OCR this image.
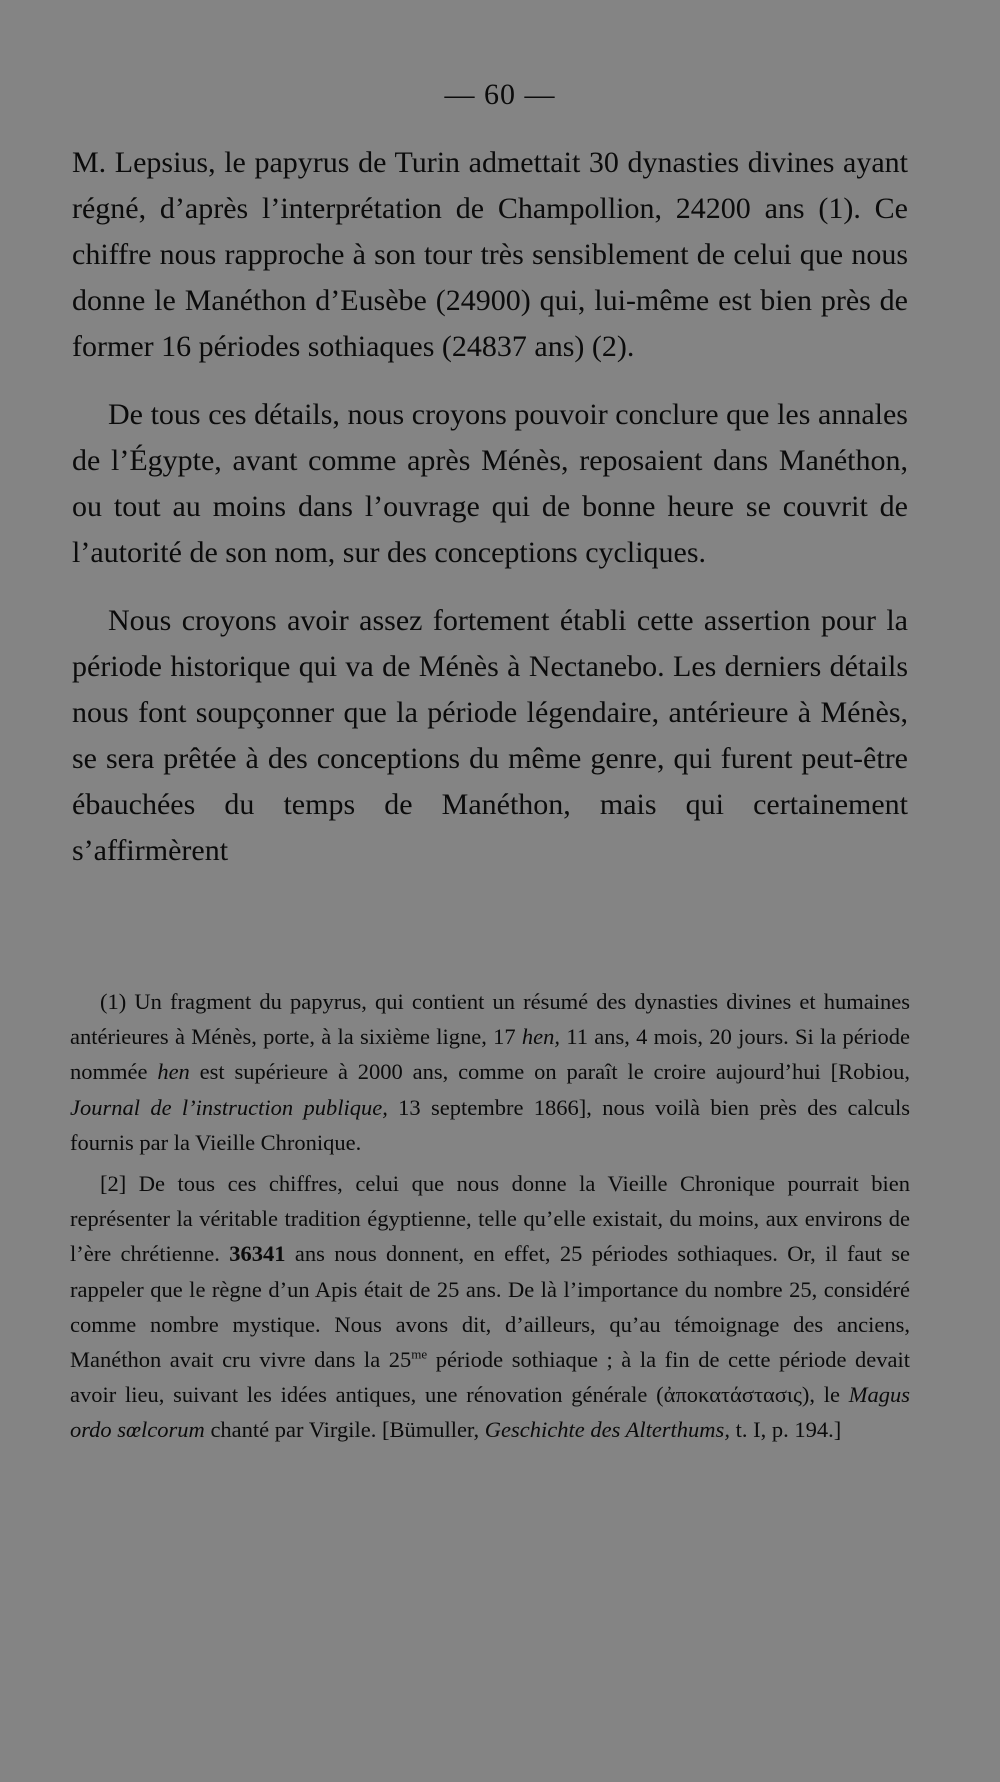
— 60 —

M. Lepsius, le papyrus de Turin admettait 30 dynasties divines ayant régné, d’après l’interprétation de Champollion, 24200 ans (1). Ce chiffre nous rapproche à son tour très sensiblement de celui que nous donne le Manéthon d’Eusèbe (24900) qui, lui-même est bien près de former 16 périodes sothiaques (24837 ans) (2).

De tous ces détails, nous croyons pouvoir conclure que les annales de l’Égypte, avant comme après Ménès, reposaient dans Manéthon, ou tout au moins dans l’ouvrage qui de bonne heure se couvrit de l’autorité de son nom, sur des conceptions cycliques.

Nous croyons avoir assez fortement établi cette assertion pour la période historique qui va de Ménès à Nectanebo. Les derniers détails nous font soupçonner que la période légendaire, antérieure à Ménès, se sera prêtée à des conceptions du même genre, qui furent peut-être ébauchées du temps de Manéthon, mais qui certainement s’affirmèrent

(1) Un fragment du papyrus, qui contient un résumé des dynasties divines et humaines antérieures à Ménès, porte, à la sixième ligne, 17 hen, 11 ans, 4 mois, 20 jours. Si la période nommée hen est supérieure à 2000 ans, comme on paraît le croire aujourd’hui [Robiou, Journal de l’instruction publique, 13 septembre 1866], nous voilà bien près des calculs fournis par la Vieille Chronique.

[2] De tous ces chiffres, celui que nous donne la Vieille Chronique pourrait bien représenter la véritable tradition égyptienne, telle qu’elle existait, du moins, aux environs de l’ère chrétienne. 36341 ans nous donnent, en effet, 25 périodes sothiaques. Or, il faut se rappeler que le règne d’un Apis était de 25 ans. De là l’importance du nombre 25, considéré comme nombre mystique. Nous avons dit, d’ailleurs, qu’au témoignage des anciens, Manéthon avait cru vivre dans la $25^{me}$ période sothiaque ; à la fin de cette période devait avoir lieu, suivant les idées antiques, une rénovation générale (ἀποκατάστασις), le Magus ordo sœlcorum chanté par Virgile. [Bümuller, Geschichte des Alterthums, t. I, p. 194.]
